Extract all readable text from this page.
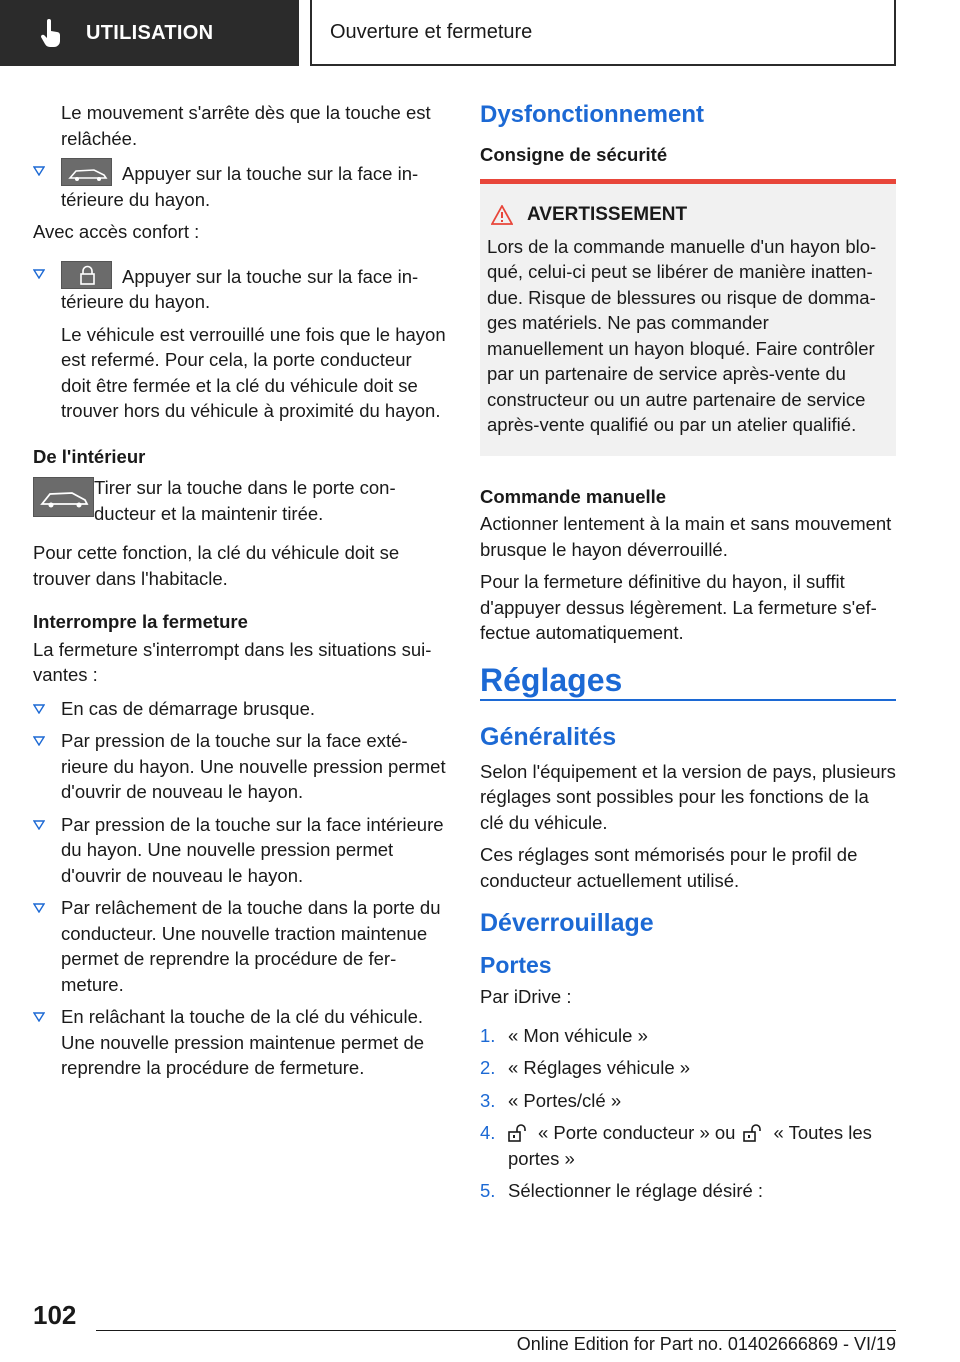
UTILISATION	Ouverture et fermeture

Le mouvement s'arrête dès que la touche est relâchée.

Appuyer sur la touche sur la face intérieure du hayon.

Avec accès confort :

Appuyer sur la touche sur la face intérieure du hayon.

Le véhicule est verrouillé une fois que le hayon est refermé. Pour cela, la porte conducteur doit être fermée et la clé du véhicule doit se trouver hors du véhicule à proximité du hayon.

De l'intérieur

Tirer sur la touche dans le porte conducteur et la maintenir tirée.

Pour cette fonction, la clé du véhicule doit se trouver dans l'habitacle.

Interrompre la fermeture

La fermeture s'interrompt dans les situations suivantes :

En cas de démarrage brusque.
Par pression de la touche sur la face extérieure du hayon. Une nouvelle pression permet d'ouvrir de nouveau le hayon.
Par pression de la touche sur la face intérieure du hayon. Une nouvelle pression permet d'ouvrir de nouveau le hayon.
Par relâchement de la touche dans la porte du conducteur. Une nouvelle traction maintenue permet de reprendre la procédure de fermeture.
En relâchant la touche de la clé du véhicule. Une nouvelle pression maintenue permet de reprendre la procédure de fermeture.
Dysfonctionnement
Consigne de sécurité
AVERTISSEMENT
Lors de la commande manuelle d'un hayon bloqué, celui-ci peut se libérer de manière inattendue. Risque de blessures ou risque de dommages matériels. Ne pas commander manuellement un hayon bloqué. Faire contrôler par un partenaire de service après-vente du constructeur ou un autre partenaire de service après-vente qualifié ou par un atelier qualifié.
Commande manuelle

Actionner lentement à la main et sans mouvement brusque le hayon déverrouillé.

Pour la fermeture définitive du hayon, il suffit d'appuyer dessus légèrement. La fermeture s'effectue automatiquement.

Réglages
Généralités

Selon l'équipement et la version de pays, plusieurs réglages sont possibles pour les fonctions de la clé du véhicule.

Ces réglages sont mémorisés pour le profil de conducteur actuellement utilisé.

Déverrouillage
Portes

Par iDrive :

1. « Mon véhicule »
2. « Réglages véhicule »
3. « Portes/clé »
4. « Porte conducteur » ou « Toutes les portes »
5. Sélectionner le réglage désiré :
102
Online Edition for Part no. 01402666869 - VI/19
